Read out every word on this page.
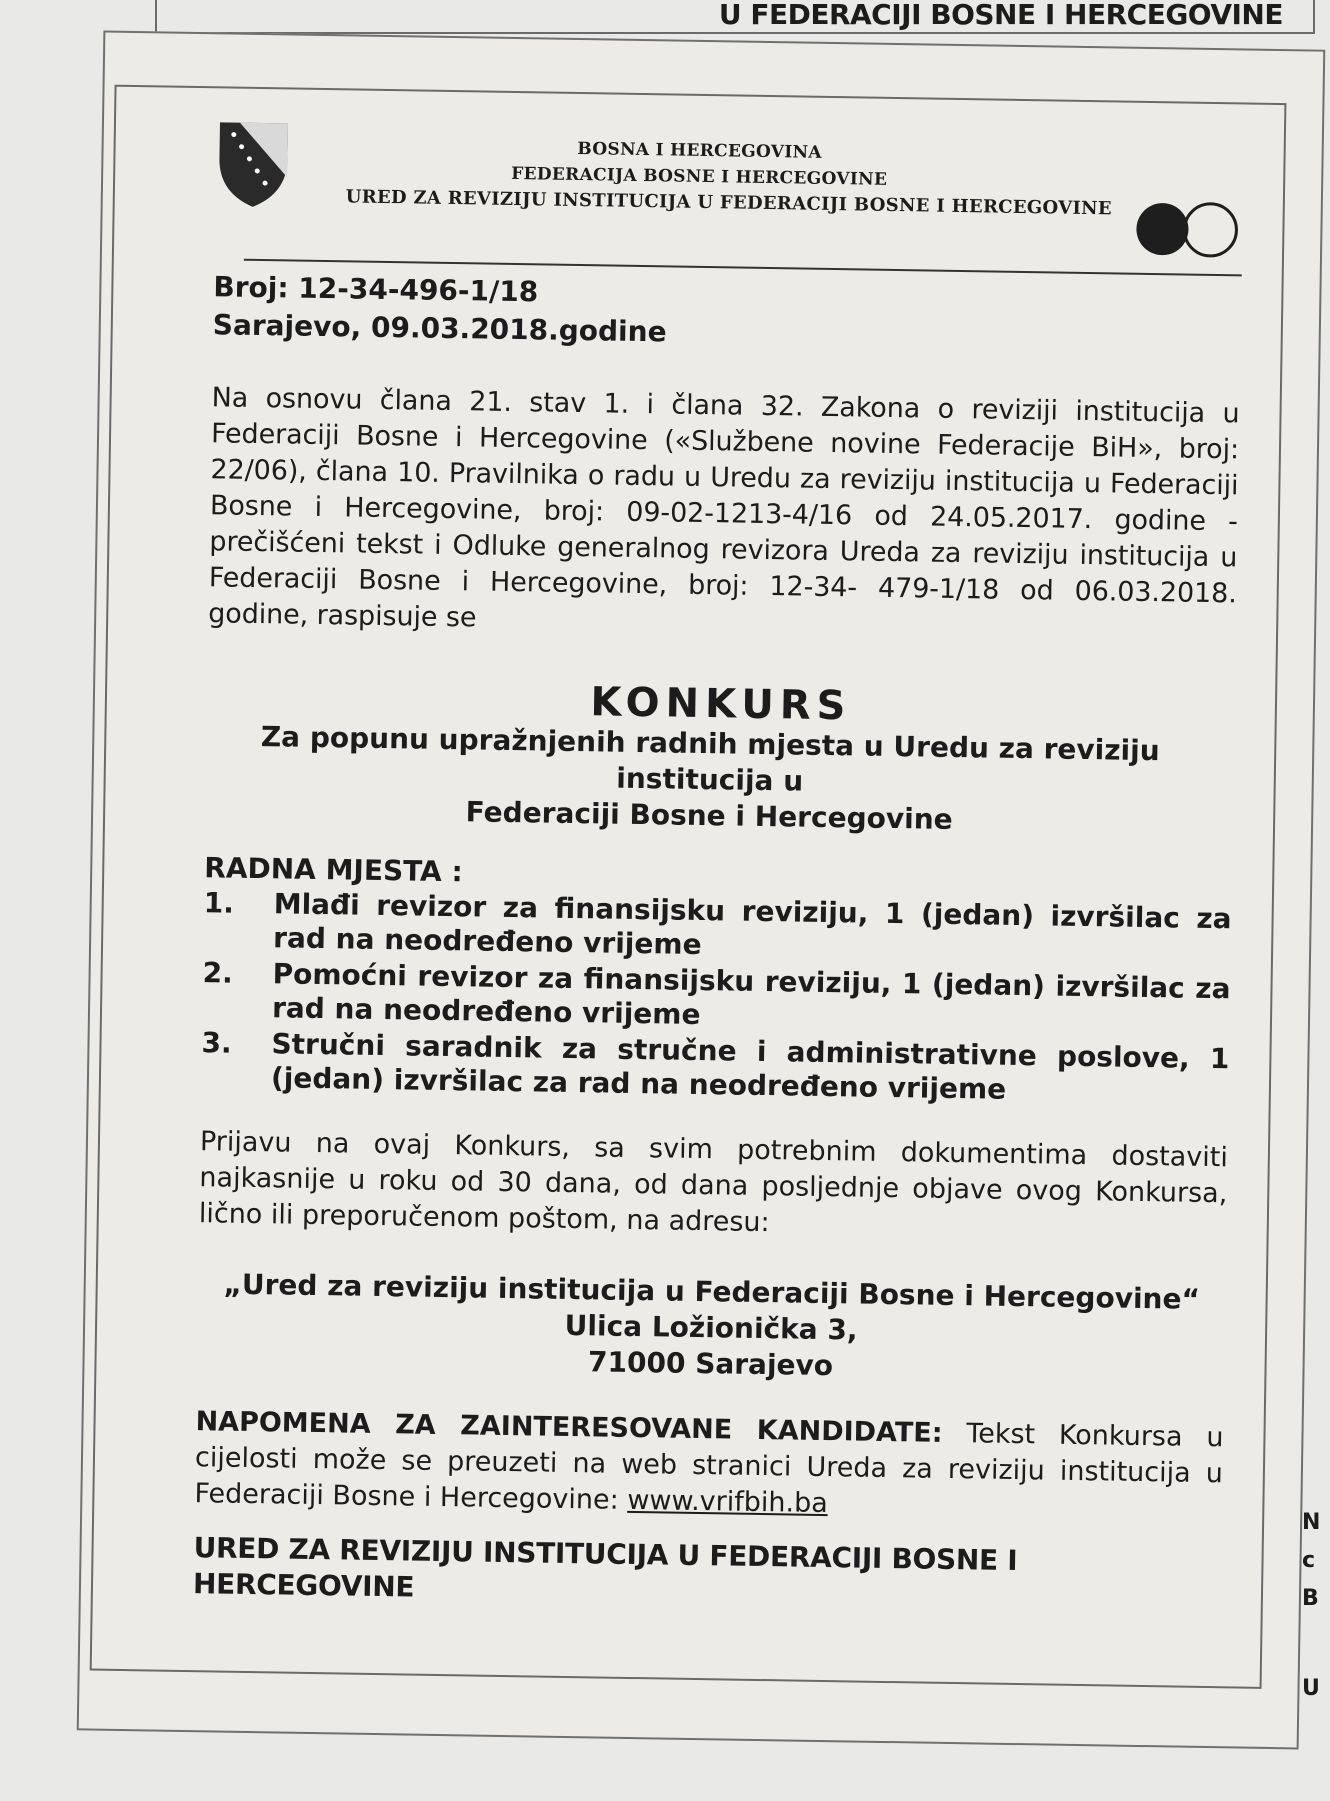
U FEDERACIJI BOSNE I HERCEGOVINE
N
c
B
U
BOSNA I HERCEGOVINA
FEDERACIJA BOSNE I HERCEGOVINE
URED ZA REVIZIJU INSTITUCIJA U FEDERACIJI BOSNE I HERCEGOVINE
Broj: 12-34-496-1/18
Sarajevo, 09.03.2018.godine
Na osnovu člana 21. stav 1. i člana 32. Zakona o reviziji institucija u Federaciji Bosne i Hercegovine («Službene novine Federacije BiH», broj: 22/06), člana 10. Pravilnika o radu u Uredu za reviziju institucija u Federaciji Bosne i Hercegovine, broj: 09-02-1213-4/16 od 24.05.2017. godine - prečišćeni tekst i Odluke generalnog revizora Ureda za reviziju institucija u Federaciji Bosne i Hercegovine, broj: 12-34- 479-1/18 od 06.03.2018. godine, raspisuje se
KONKURS
Za popunu upražnjenih radnih mjesta u Uredu za reviziju institucija u
Federaciji Bosne i Hercegovine
RADNA MJESTA :
1. Mlađi revizor za finansijsku reviziju, 1 (jedan) izvršilac za rad na neodređeno vrijeme
2. Pomoćni revizor za finansijsku reviziju, 1 (jedan) izvršilac za rad na neodređeno vrijeme
3. Stručni saradnik za stručne i administrativne poslove, 1 (jedan) izvršilac za rad na neodređeno vrijeme
Prijavu na ovaj Konkurs, sa svim potrebnim dokumentima dostaviti najkasnije u roku od 30 dana, od dana posljednje objave ovog Konkursa, lično ili preporučenom poštom, na adresu:
„Ured za reviziju institucija u Federaciji Bosne i Hercegovine“
Ulica Ložionička 3,
71000 Sarajevo
NAPOMENA ZA ZAINTERESOVANE KANDIDATE: Tekst Konkursa u cijelosti može se preuzeti na web stranici Ureda za reviziju institucija u Federaciji Bosne i Hercegovine: www.vrifbih.ba
URED ZA REVIZIJU INSTITUCIJA U FEDERACIJI BOSNE I HERCEGOVINE
